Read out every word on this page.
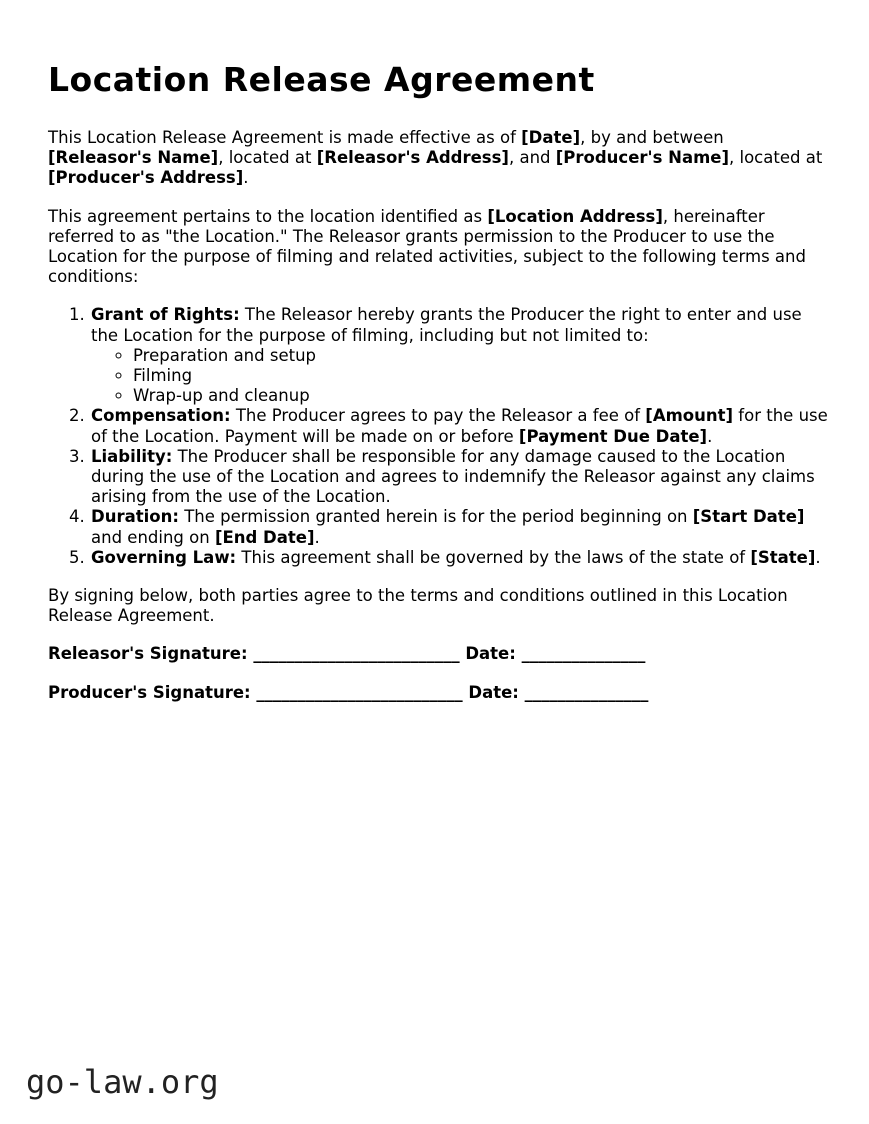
Location Release Agreement

This Location Release Agreement is made effective as of [Date], by and between [Releasor's Name], located at [Releasor's Address], and [Producer's Name], located at [Producer's Address].

This agreement pertains to the location identified as [Location Address], hereinafter referred to as "the Location." The Releasor grants permission to the Producer to use the Location for the purpose of filming and related activities, subject to the following terms and conditions:

1. Grant of Rights: The Releasor hereby grants the Producer the right to enter and use the Location for the purpose of filming, including but not limited to:
◦ Preparation and setup
◦ Filming
◦ Wrap-up and cleanup
2. Compensation: The Producer agrees to pay the Releasor a fee of [Amount] for the use of the Location. Payment will be made on or before [Payment Due Date].
3. Liability: The Producer shall be responsible for any damage caused to the Location during the use of the Location and agrees to indemnify the Releasor against any claims arising from the use of the Location.
4. Duration: The permission granted herein is for the period beginning on [Start Date] and ending on [End Date].
5. Governing Law: This agreement shall be governed by the laws of the state of [State].

By signing below, both parties agree to the terms and conditions outlined in this Location Release Agreement.

Releasor's Signature: _________________________ Date: _______________
Producer's Signature: _________________________ Date: _______________
go-law.org
